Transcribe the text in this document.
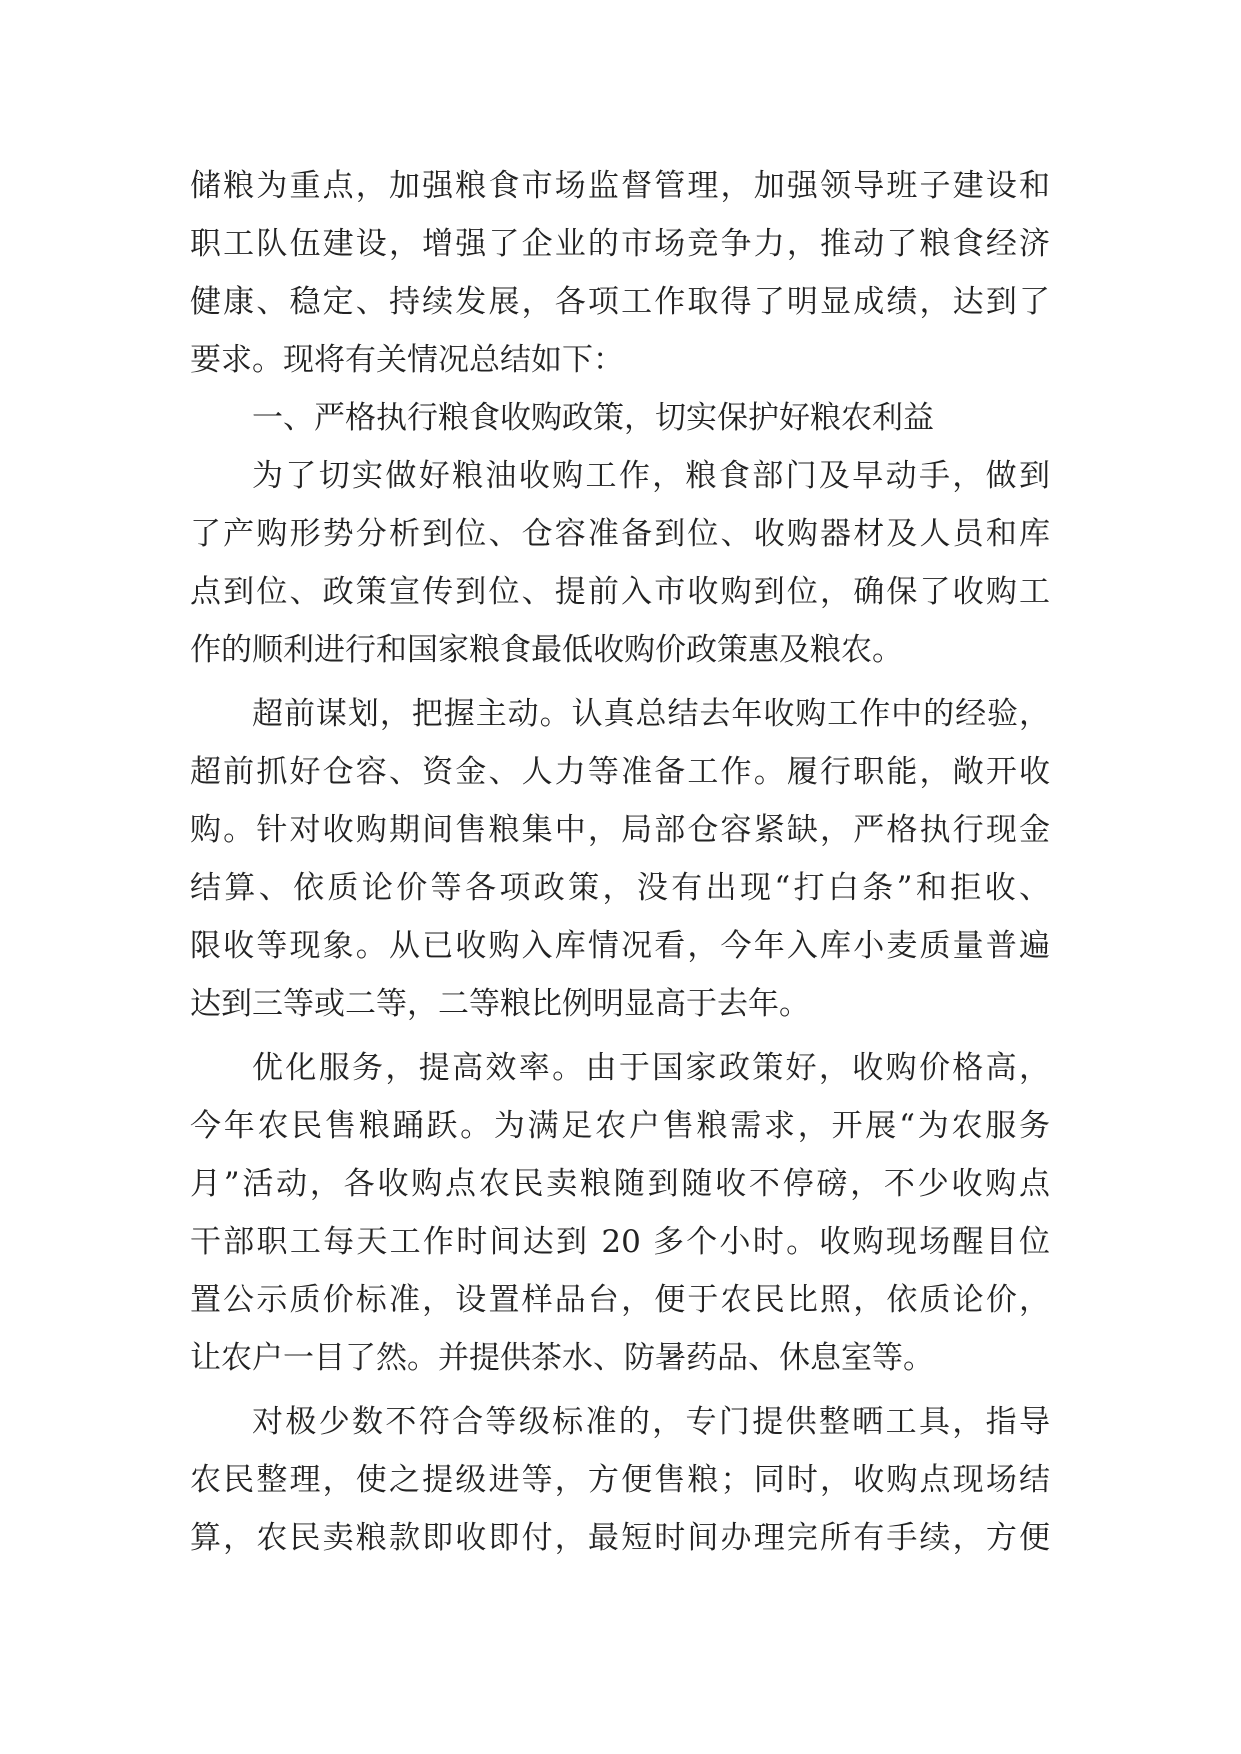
储粮为重点，加强粮食市场监督管理，加强领导班子建设和
职工队伍建设，增强了企业的市场竞争力，推动了粮食经济
健康、稳定、持续发展，各项工作取得了明显成绩，达到了
要求。现将有关情况总结如下：
一、严格执行粮食收购政策，切实保护好粮农利益
为了切实做好粮油收购工作，粮食部门及早动手，做到
了产购形势分析到位、仓容准备到位、收购器材及人员和库
点到位、政策宣传到位、提前入市收购到位，确保了收购工
作的顺利进行和国家粮食最低收购价政策惠及粮农。
超前谋划，把握主动。认真总结去年收购工作中的经验，
超前抓好仓容、资金、人力等准备工作。履行职能，敞开收
购。针对收购期间售粮集中，局部仓容紧缺，严格执行现金
结算、依质论价等各项政策，没有出现“打白条”和拒收、
限收等现象。从已收购入库情况看，今年入库小麦质量普遍
达到三等或二等，二等粮比例明显高于去年。
优化服务，提高效率。由于国家政策好，收购价格高，
今年农民售粮踊跃。为满足农户售粮需求，开展“为农服务
月”活动，各收购点农民卖粮随到随收不停磅，不少收购点
干部职工每天工作时间达到 20 多个小时。收购现场醒目位
置公示质价标准，设置样品台，便于农民比照，依质论价，
让农户一目了然。并提供茶水、防暑药品、休息室等。
对极少数不符合等级标准的，专门提供整晒工具，指导
农民整理，使之提级进等，方便售粮；同时，收购点现场结
算，农民卖粮款即收即付，最短时间办理完所有手续，方便
